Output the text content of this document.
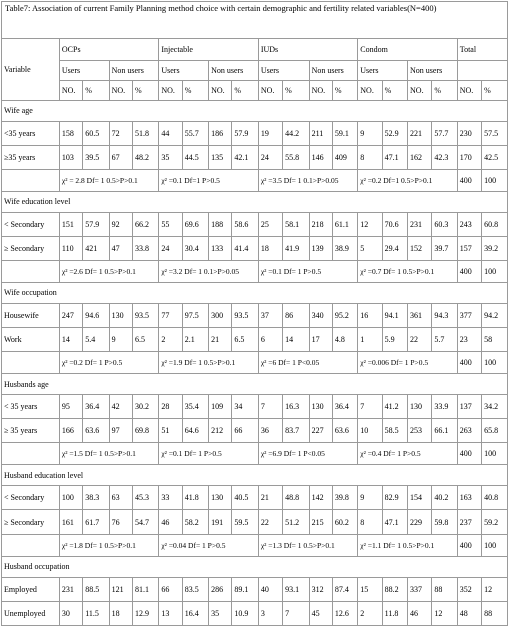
Table7: Association of current Family Planning method choice with certain demographic and fertility related variables(N=400)																		
Variable	OCPs				Injectable				IUDs				Condom				Total	
	Users		Non users		Users		Non users		Users		Non users		Users		Non users			
	NO.	%	NO.	%	NO.	%	NO.	%	NO.	%	NO.	%	NO.	%	NO.	%	NO.	%
Wife age																		
<35 years	158	60.5	72	51.8	44	55.7	186	57.9	19	44.2	211	59.1	9	52.9	221	57.7	230	57.5
≥35 years	103	39.5	67	48.2	35	44.5	135	42.1	24	55.8	146	409	8	47.1	162	42.3	170	42.5
	χ² = 2.8 Df= 1 0.5>P>0.1				χ² =0.1 Df=1 P>0.5				χ² =3.5 Df= 1 0.1>P>0.05				χ² =0.2 Df=1 0.5>P>0.1				400	100
Wife education level																		
< Secondary	151	57.9	92	66.2	55	69.6	188	58.6	25	58.1	218	61.1	12	70.6	231	60.3	243	60.8
≥ Secondary	110	421	47	33.8	24	30.4	133	41.4	18	41.9	139	38.9	5	29.4	152	39.7	157	39.2
	χ² =2.6 Df= 1 0.5>P>0.1				χ² =3.2 Df= 1 0.1>P>0.05				χ² =0.1 Df= 1 P>0.5				χ² =0.7 Df= 1 0.5>P>0.1				400	100
Wife occupation																		
Housewife	247	94.6	130	93.5	77	97.5	300	93.5	37	86	340	95.2	16	94.1	361	94.3	377	94.2
Work	14	5.4	9	6.5	2	2.1	21	6.5	6	14	17	4.8	1	5.9	22	5.7	23	58
	χ² =0.2 Df= 1 P>0.5				χ² =1.9 Df= 1 0.5>P>0.1				χ² =6 Df= 1 P<0.05				χ² =0.006 Df= 1 P>0.5				400	100
Husbands age																		
< 35 years	95	36.4	42	30.2	28	35.4	109	34	7	16.3	130	36.4	7	41.2	130	33.9	137	34.2
≥ 35 years	166	63.6	97	69.8	51	64.6	212	66	36	83.7	227	63.6	10	58.5	253	66.1	263	65.8
	χ² =1.5 Df= 1 0.5>P>0.1				χ² =0.1 Df= 1 P>0.5				χ² =6.9 Df= 1 P<0.05				χ² =0.4 Df= 1 P>0.5				400	100
Husband education level																		
< Secondary	100	38.3	63	45.3	33	41.8	130	40.5	21	48.8	142	39.8	9	82.9	154	40.2	163	40.8
≥ Secondary	161	61.7	76	54.7	46	58.2	191	59.5	22	51.2	215	60.2	8	47.1	229	59.8	237	59.2
	χ² =1.8 Df= 1 0.5>P>0.1				χ² =0.04 Df= 1 P>0.5				χ² =1.3 Df= 1 0.5>P>0.1				χ² =1.1 Df= 1 0.5>P>0.1				400	100
Husband occupation																		
Employed	231	88.5	121	81.1	66	83.5	286	89.1	40	93.1	312	87.4	15	88.2	337	88	352	12
Unemployed	30	11.5	18	12.9	13	16.4	35	10.9	3	7	45	12.6	2	11.8	46	12	48	88
